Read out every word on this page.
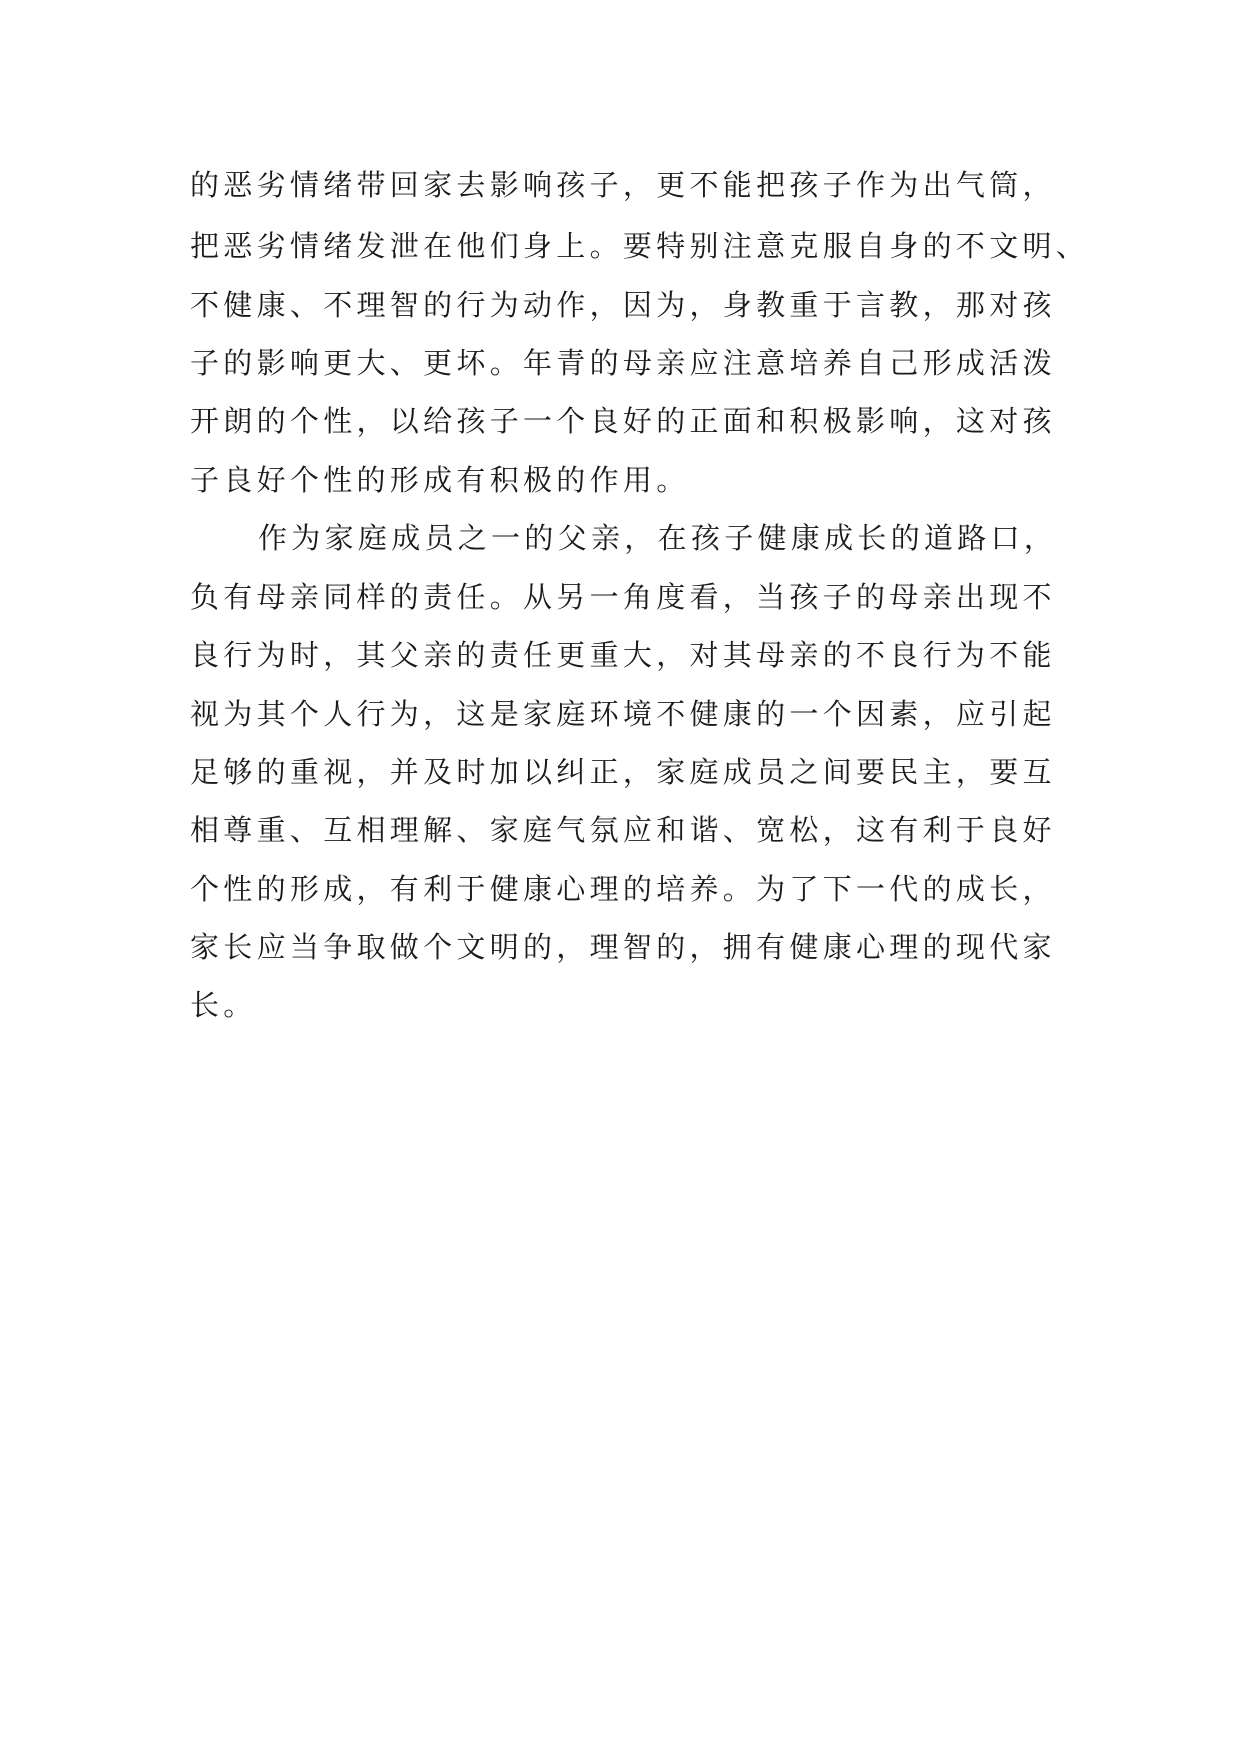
的恶劣情绪带回家去影响孩子，更不能把孩子作为出气筒，
把恶劣情绪发泄在他们身上。要特别注意克服自身的不文明、
不健康、不理智的行为动作，因为，身教重于言教，那对孩
子的影响更大、更坏。年青的母亲应注意培养自己形成活泼
开朗的个性，以给孩子一个良好的正面和积极影响，这对孩
子良好个性的形成有积极的作用。
作为家庭成员之一的父亲，在孩子健康成长的道路口，
负有母亲同样的责任。从另一角度看，当孩子的母亲出现不
良行为时，其父亲的责任更重大，对其母亲的不良行为不能
视为其个人行为，这是家庭环境不健康的一个因素，应引起
足够的重视，并及时加以纠正，家庭成员之间要民主，要互
相尊重、互相理解、家庭气氛应和谐、宽松，这有利于良好
个性的形成，有利于健康心理的培养。为了下一代的成长，
家长应当争取做个文明的，理智的，拥有健康心理的现代家
长。
